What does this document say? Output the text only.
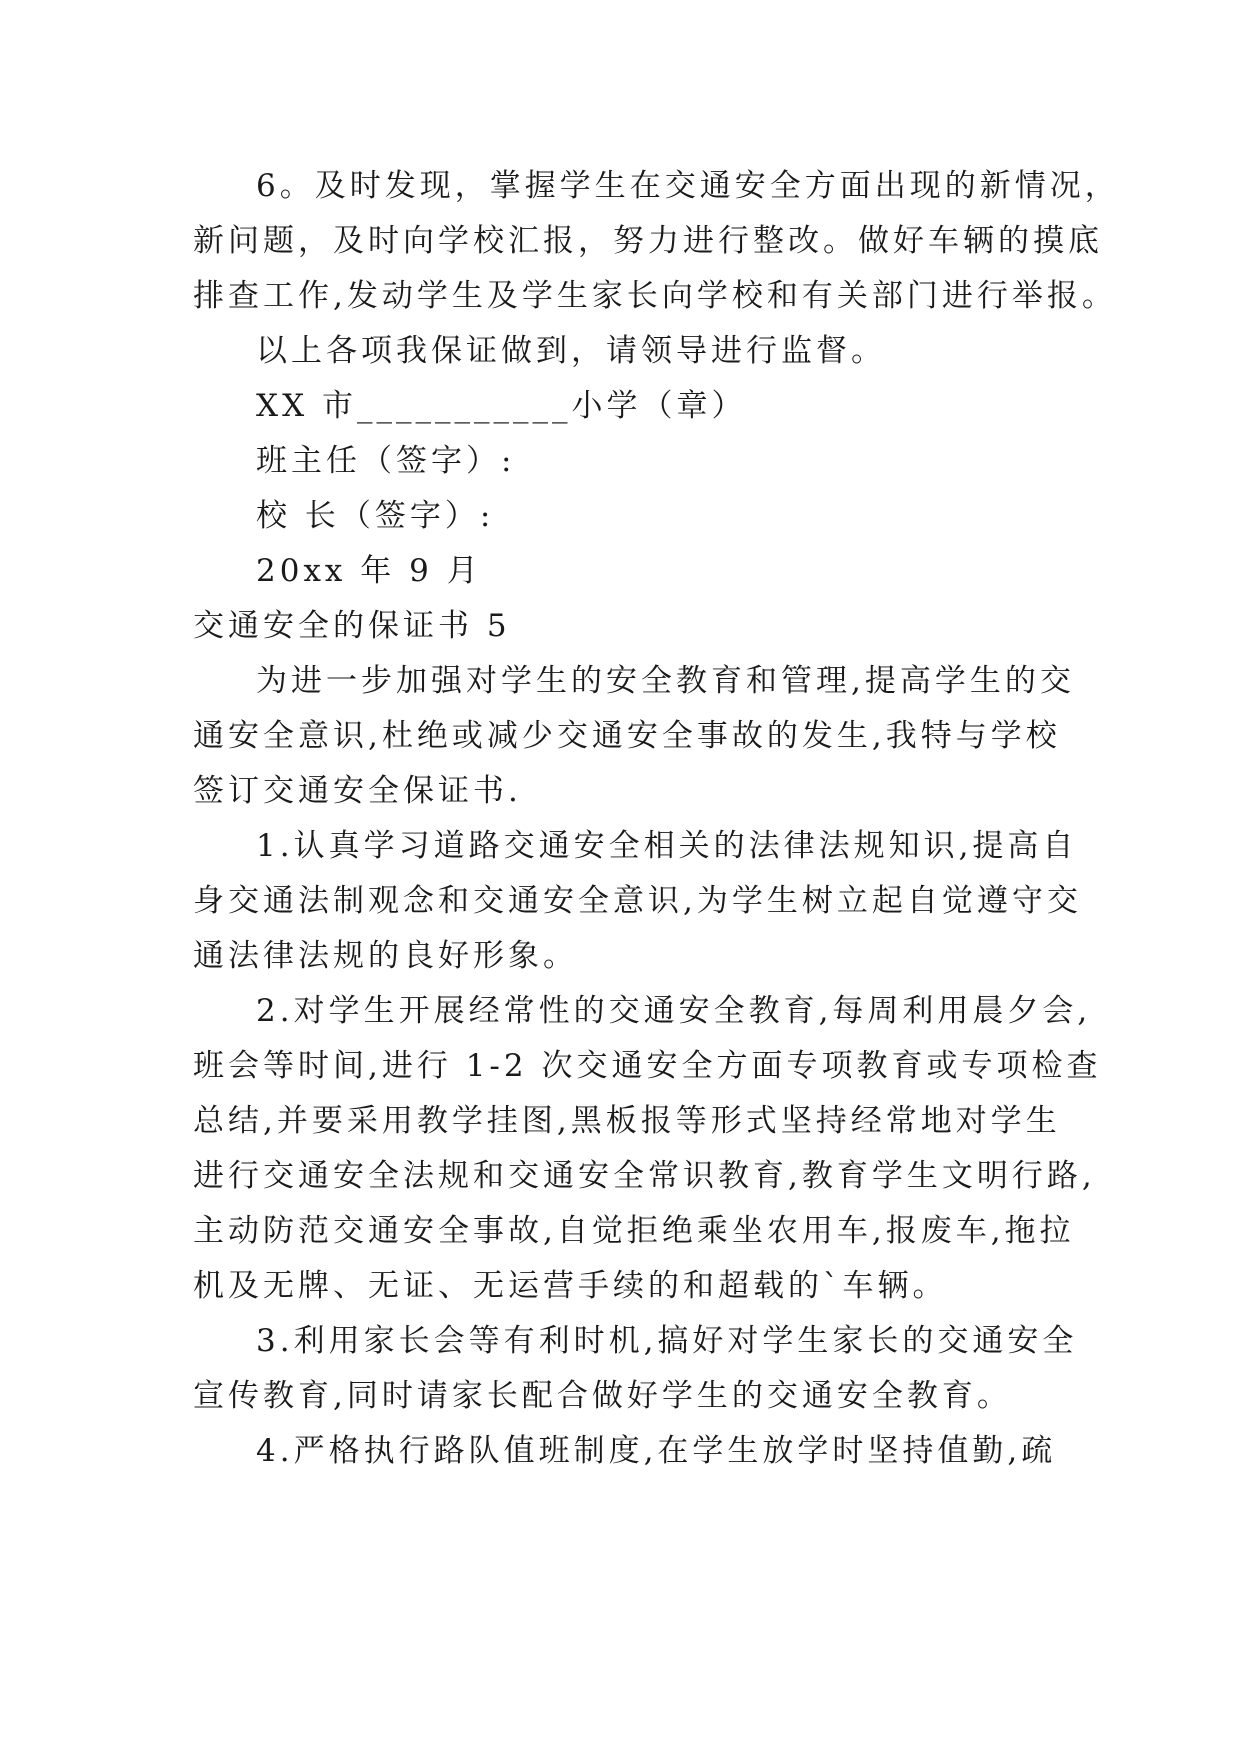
6。及时发现，掌握学生在交通安全方面出现的新情况，
新问题，及时向学校汇报，努力进行整改。做好车辆的摸底
排查工作,发动学生及学生家长向学校和有关部门进行举报。
以上各项我保证做到，请领导进行监督。
XX 市___________小学（章）
班主任（签字）:
校 长（签字）:
20xx 年 9 月
交通安全的保证书 5
为进一步加强对学生的安全教育和管理,提高学生的交
通安全意识,杜绝或减少交通安全事故的发生,我特与学校
签订交通安全保证书.
1.认真学习道路交通安全相关的法律法规知识,提高自
身交通法制观念和交通安全意识,为学生树立起自觉遵守交
通法律法规的良好形象。
2.对学生开展经常性的交通安全教育,每周利用晨夕会,
班会等时间,进行 1-2 次交通安全方面专项教育或专项检查
总结,并要采用教学挂图,黑板报等形式坚持经常地对学生
进行交通安全法规和交通安全常识教育,教育学生文明行路,
主动防范交通安全事故,自觉拒绝乘坐农用车,报废车,拖拉
机及无牌、无证、无运营手续的和超载的`车辆。
3.利用家长会等有利时机,搞好对学生家长的交通安全
宣传教育,同时请家长配合做好学生的交通安全教育。
4.严格执行路队值班制度,在学生放学时坚持值勤,疏
